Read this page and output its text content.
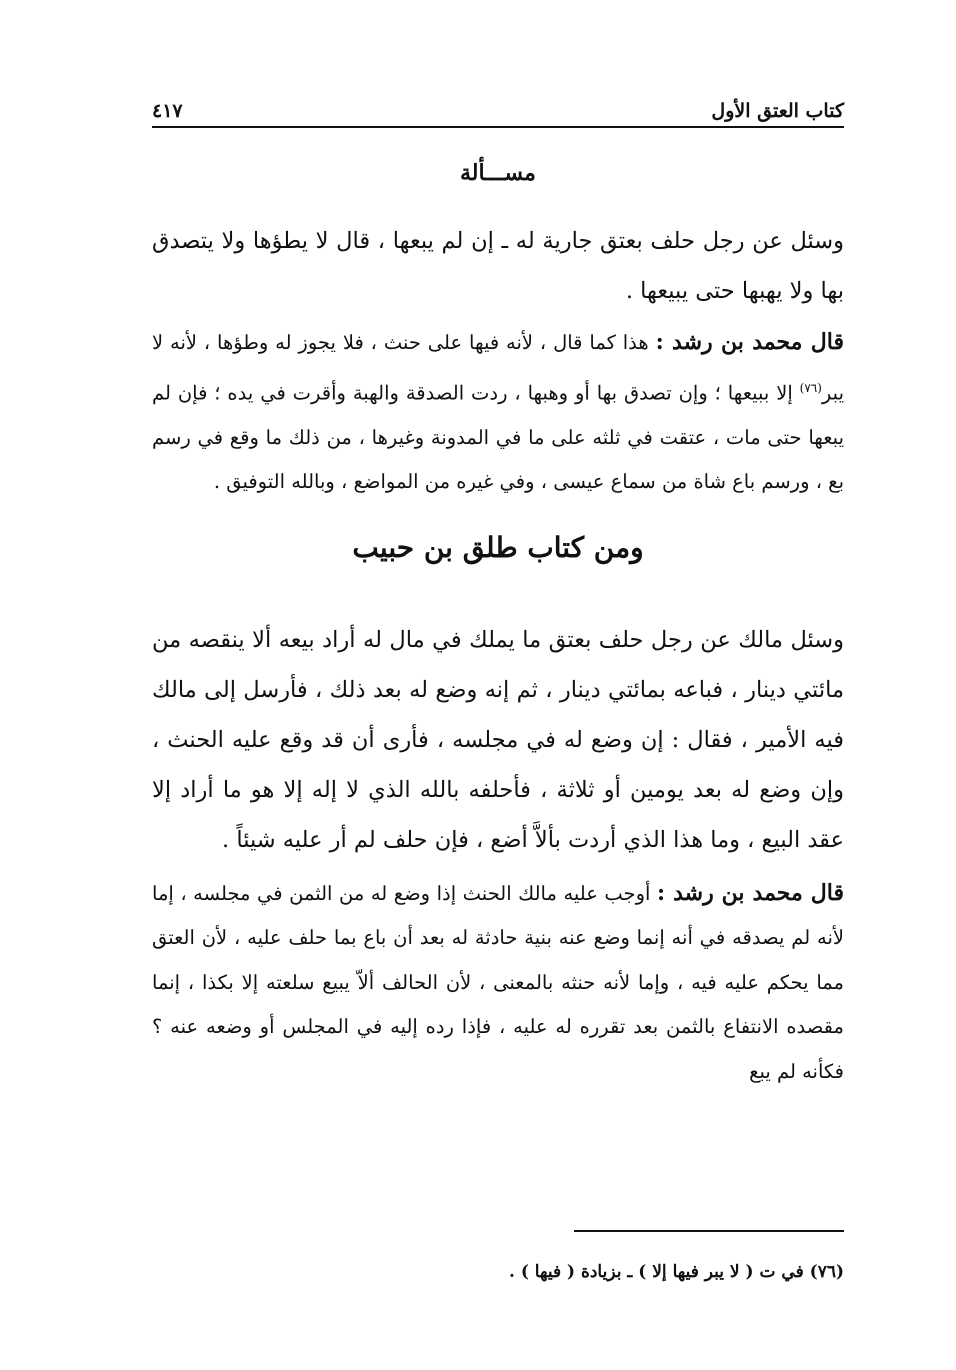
كتاب العتق الأول
٤١٧
مســـألة

وسئل عن رجل حلف بعتق جارية له ـ إن لم يبعها ، قال لا يطؤها ولا يتصدق بها ولا يهبها حتى يبيعها .

قال محمد بن رشد : هذا كما قال ، لأنه فيها على حنث ، فلا يجوز له وطؤها ، لأنه لا يبر$^{(٧٦)}$ إلا ببيعها ؛ وإن تصدق بها أو وهبها ، ردت الصدقة والهبة وأقرت في يده ؛ فإن لم يبعها حتى مات ، عتقت في ثلثه على ما في المدونة وغيرها ، من ذلك ما وقع في رسم بع ، ورسم باع شاة من سماع عيسى ، وفي غيره من المواضع ، وبالله التوفيق .

ومن كتاب طلق بن حبيب

وسئل مالك عن رجل حلف بعتق ما يملك في مال له أراد بيعه ألا ينقصه من مائتي دينار ، فباعه بمائتي دينار ، ثم إنه وضع له بعد ذلك ، فأرسل إلى مالك فيه الأمير ، فقال : إن وضع له في مجلسه ، فأرى أن قد وقع عليه الحنث ، وإن وضع له بعد يومين أو ثلاثة ، فأحلفه بالله الذي لا إله إلا هو ما أراد إلا عقد البيع ، وما هذا الذي أردت بألاَّ أضع ، فإن حلف لم أر عليه شيئاً .

قال محمد بن رشد : أوجب عليه مالك الحنث إذا وضع له من الثمن في مجلسه ، إما لأنه لم يصدقه في أنه إنما وضع عنه بنية حادثة له بعد أن باع بما حلف عليه ، لأن العتق مما يحكم عليه فيه ، وإما لأنه حنثه بالمعنى ، لأن الحالف ألاّ يبيع سلعته إلا بكذا ، إنما مقصده الانتفاع بالثمن بعد تقرره له عليه ، فإذا رده إليه في المجلس أو وضعه عنه ؟ فكأنه لم يبع

(٧٦) في ت ( لا يبر فيها إلا ) ـ بزيادة ( فيها ) .
